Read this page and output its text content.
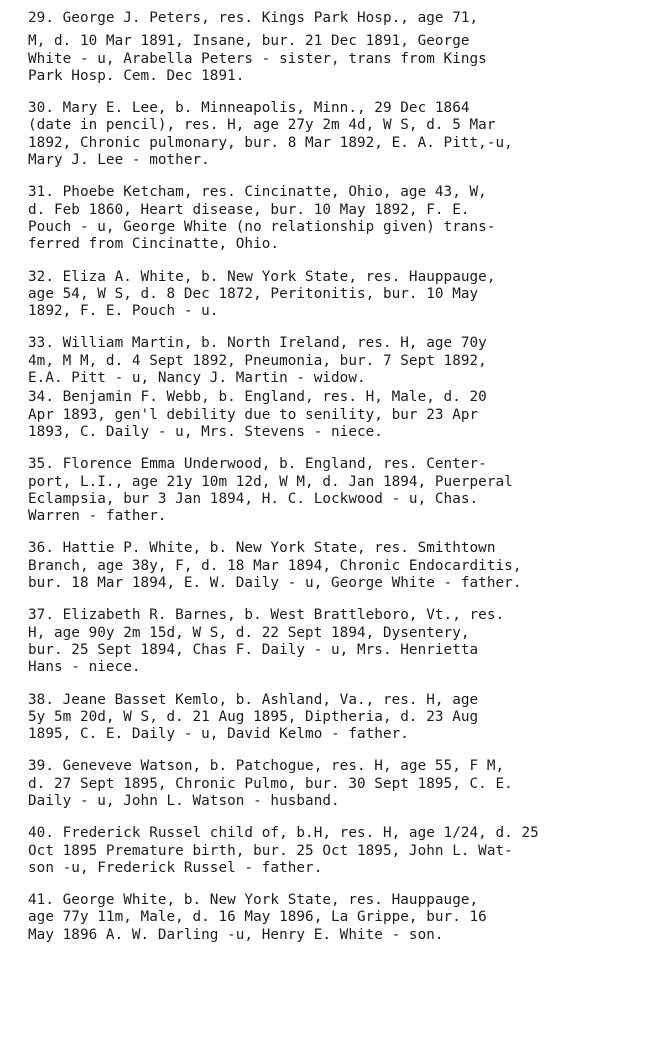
29. George J. Peters, res. Kings Park Hosp., age 71,
M, d. 10 Mar 1891, Insane, bur. 21 Dec 1891, George
White - u, Arabella Peters - sister, trans from Kings
Park Hosp. Cem. Dec 1891.
30. Mary E. Lee, b. Minneapolis, Minn., 29 Dec 1864
(date in pencil), res. H, age 27y 2m 4d, W S, d. 5 Mar
1892, Chronic pulmonary, bur. 8 Mar 1892, E. A. Pitt,-u,
Mary J. Lee - mother.
31. Phoebe Ketcham, res. Cincinatte, Ohio, age 43, W,
d. Feb 1860, Heart disease, bur. 10 May 1892, F. E.
Pouch - u, George White (no relationship given) trans-
ferred from Cincinatte, Ohio.
32. Eliza A. White, b. New York State, res. Hauppauge,
age 54, W S, d. 8 Dec 1872, Peritonitis, bur. 10 May
1892, F. E. Pouch - u.
33. William Martin, b. North Ireland, res. H, age 70y
4m, M M, d. 4 Sept 1892, Pneumonia, bur. 7 Sept 1892,
E.A. Pitt - u, Nancy J. Martin - widow.
34. Benjamin F. Webb, b. England, res. H, Male, d. 20
Apr 1893, gen'l debility due to senility, bur 23 Apr
1893, C. Daily - u, Mrs. Stevens - niece.
35. Florence Emma Underwood, b. England, res. Center-
port, L.I., age 21y 10m 12d, W M, d. Jan 1894, Puerperal
Eclampsia, bur 3 Jan 1894, H. C. Lockwood - u, Chas.
Warren - father.
36. Hattie P. White, b. New York State, res. Smithtown
Branch, age 38y, F, d. 18 Mar 1894, Chronic Endocarditis,
bur. 18 Mar 1894, E. W. Daily - u, George White - father.
37. Elizabeth R. Barnes, b. West Brattleboro, Vt., res.
H, age 90y 2m 15d, W S, d. 22 Sept 1894, Dysentery,
bur. 25 Sept 1894, Chas F. Daily - u, Mrs. Henrietta
Hans - niece.
38. Jeane Basset Kemlo, b. Ashland, Va., res. H, age
5y 5m 20d, W S, d. 21 Aug 1895, Diptheria, d. 23 Aug
1895, C. E. Daily - u, David Kelmo - father.
39. Geneveve Watson, b. Patchogue, res. H, age 55, F M,
d. 27 Sept 1895, Chronic Pulmo, bur. 30 Sept 1895, C. E.
Daily - u, John L. Watson - husband.
40. Frederick Russel child of, b.H, res. H, age 1/24, d. 25
Oct 1895 Premature birth, bur. 25 Oct 1895, John L. Wat-
son -u, Frederick Russel - father.
41. George White, b. New York State, res. Hauppauge,
age 77y 11m, Male, d. 16 May 1896, La Grippe, bur. 16
May 1896 A. W. Darling -u, Henry E. White - son.
